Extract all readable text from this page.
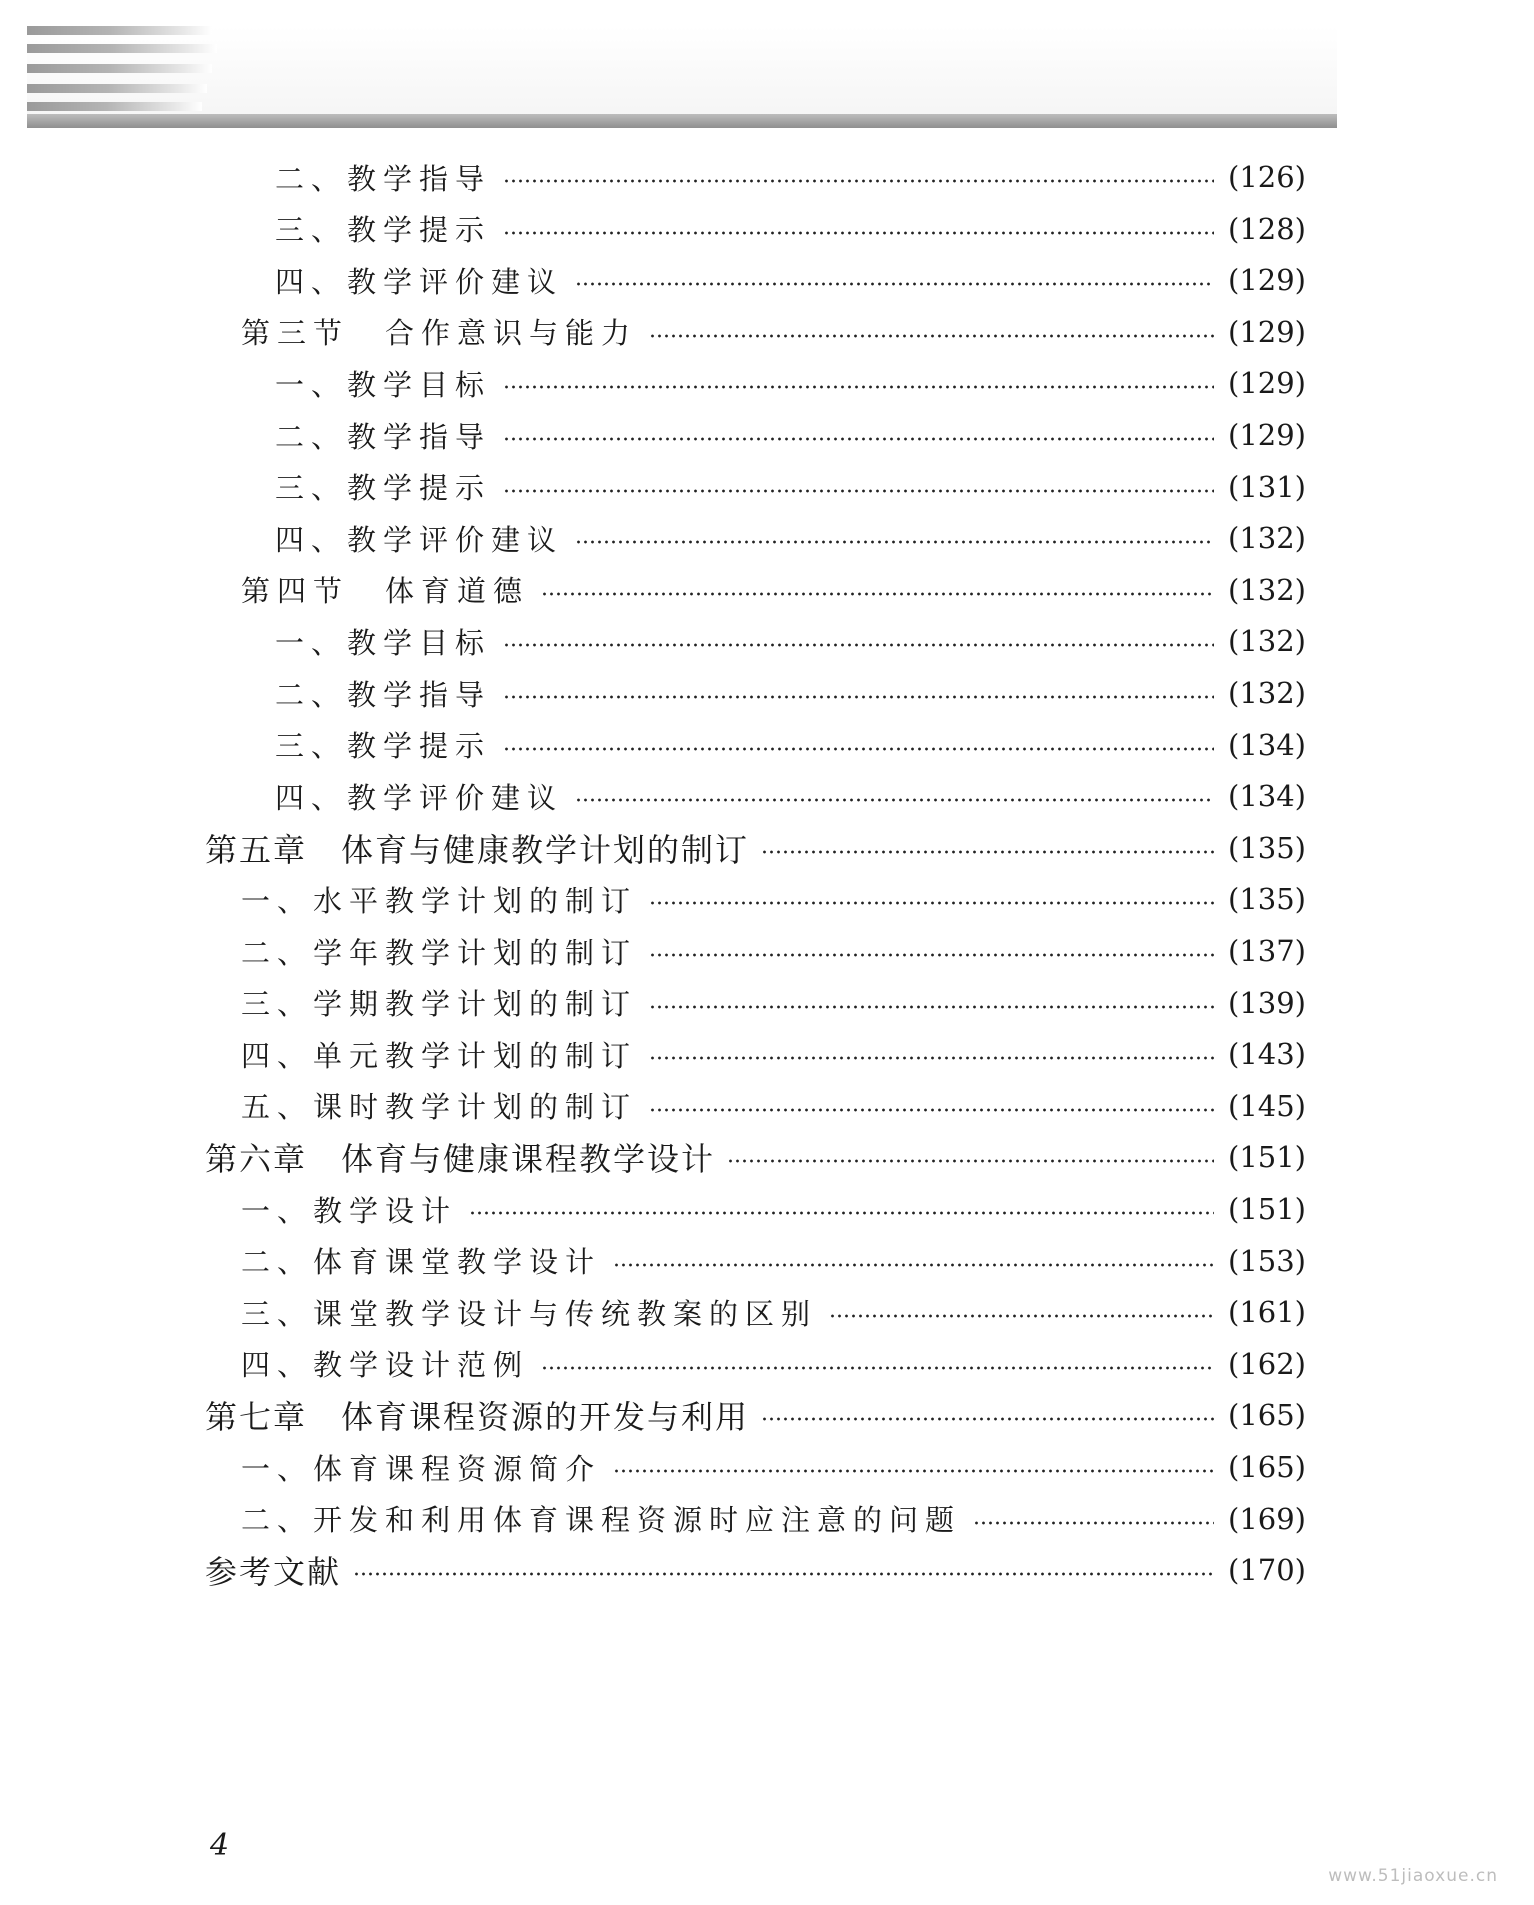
二、教学指导	(126)
三、教学提示	(128)
四、教学评价建议	(129)
第三节　合作意识与能力	(129)
一、教学目标	(129)
二、教学指导	(129)
三、教学提示	(131)
四、教学评价建议	(132)
第四节　体育道德	(132)
一、教学目标	(132)
二、教学指导	(132)
三、教学提示	(134)
四、教学评价建议	(134)
第五章　体育与健康教学计划的制订	(135)
一、水平教学计划的制订	(135)
二、学年教学计划的制订	(137)
三、学期教学计划的制订	(139)
四、单元教学计划的制订	(143)
五、课时教学计划的制订	(145)
第六章　体育与健康课程教学设计	(151)
一、教学设计	(151)
二、体育课堂教学设计	(153)
三、课堂教学设计与传统教案的区别	(161)
四、教学设计范例	(162)
第七章　体育课程资源的开发与利用	(165)
一、体育课程资源简介	(165)
二、开发和利用体育课程资源时应注意的问题	(169)
参考文献	(170)
4
www.51jiaoxue.cn
